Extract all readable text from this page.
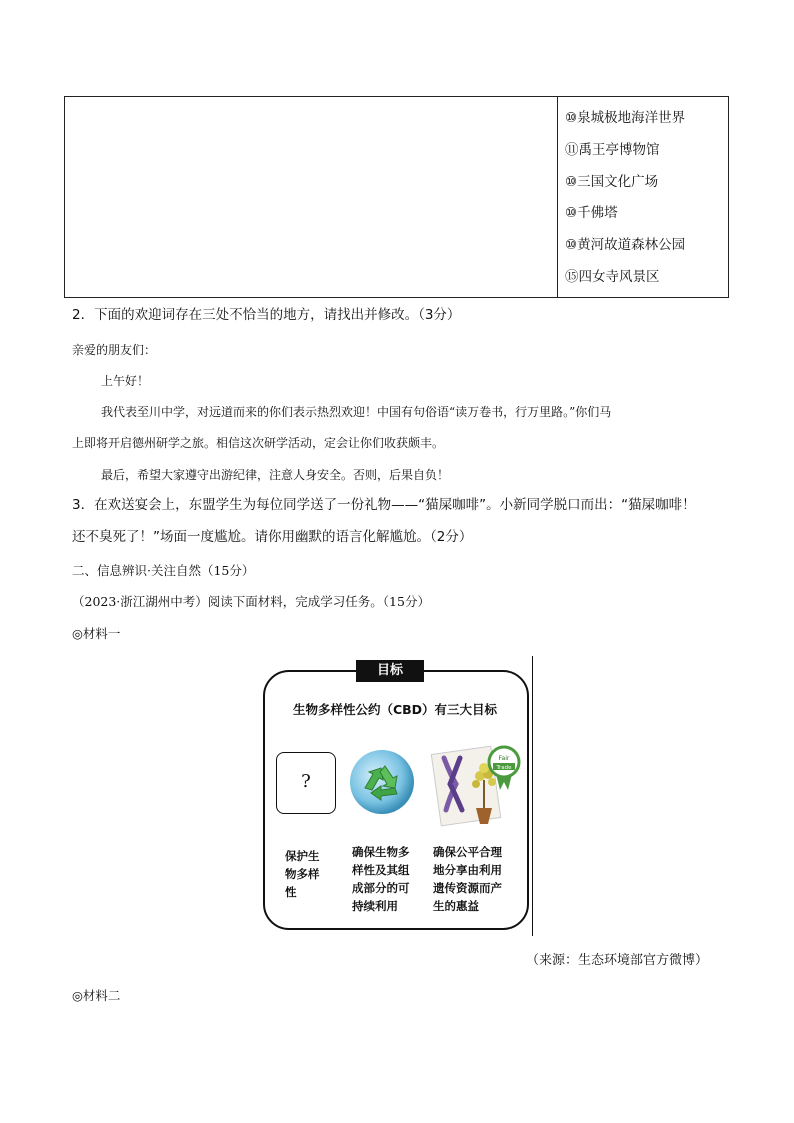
⑩泉城极地海洋世界
⑪禹王亭博物馆
⑩三国文化广场
⑩千佛塔
⑩黄河故道森林公园
⑮四女寺风景区
2．下面的欢迎词存在三处不恰当的地方，请找出并修改。（3分）
亲爱的朋友们：
上午好！
我代表至川中学，对远道而来的你们表示热烈欢迎！中国有句俗语“读万卷书，行万里路。”你们马
上即将开启德州研学之旅。相信这次研学活动，定会让你们收获颇丰。
最后，希望大家遵守出游纪律，注意人身安全。否则，后果自负！
3．在欢送宴会上，东盟学生为每位同学送了一份礼物——“猫屎咖啡”。小新同学脱口而出：“猫屎咖啡！
还不臭死了！”场面一度尴尬。请你用幽默的语言化解尴尬。（2分）
二、信息辨识·关注自然（15分）
（2023·浙江湖州中考）阅读下面材料，完成学习任务。（15分）
◎材料一
目标
生物多样性公约（CBD）有三大目标
?
Fair
Trade
保护生
物多样
性
确保生物多
样性及其组
成部分的可
持续利用
确保公平合理
地分享由利用
遗传资源而产
生的惠益
（来源：生态环境部官方微博）
◎材料二
